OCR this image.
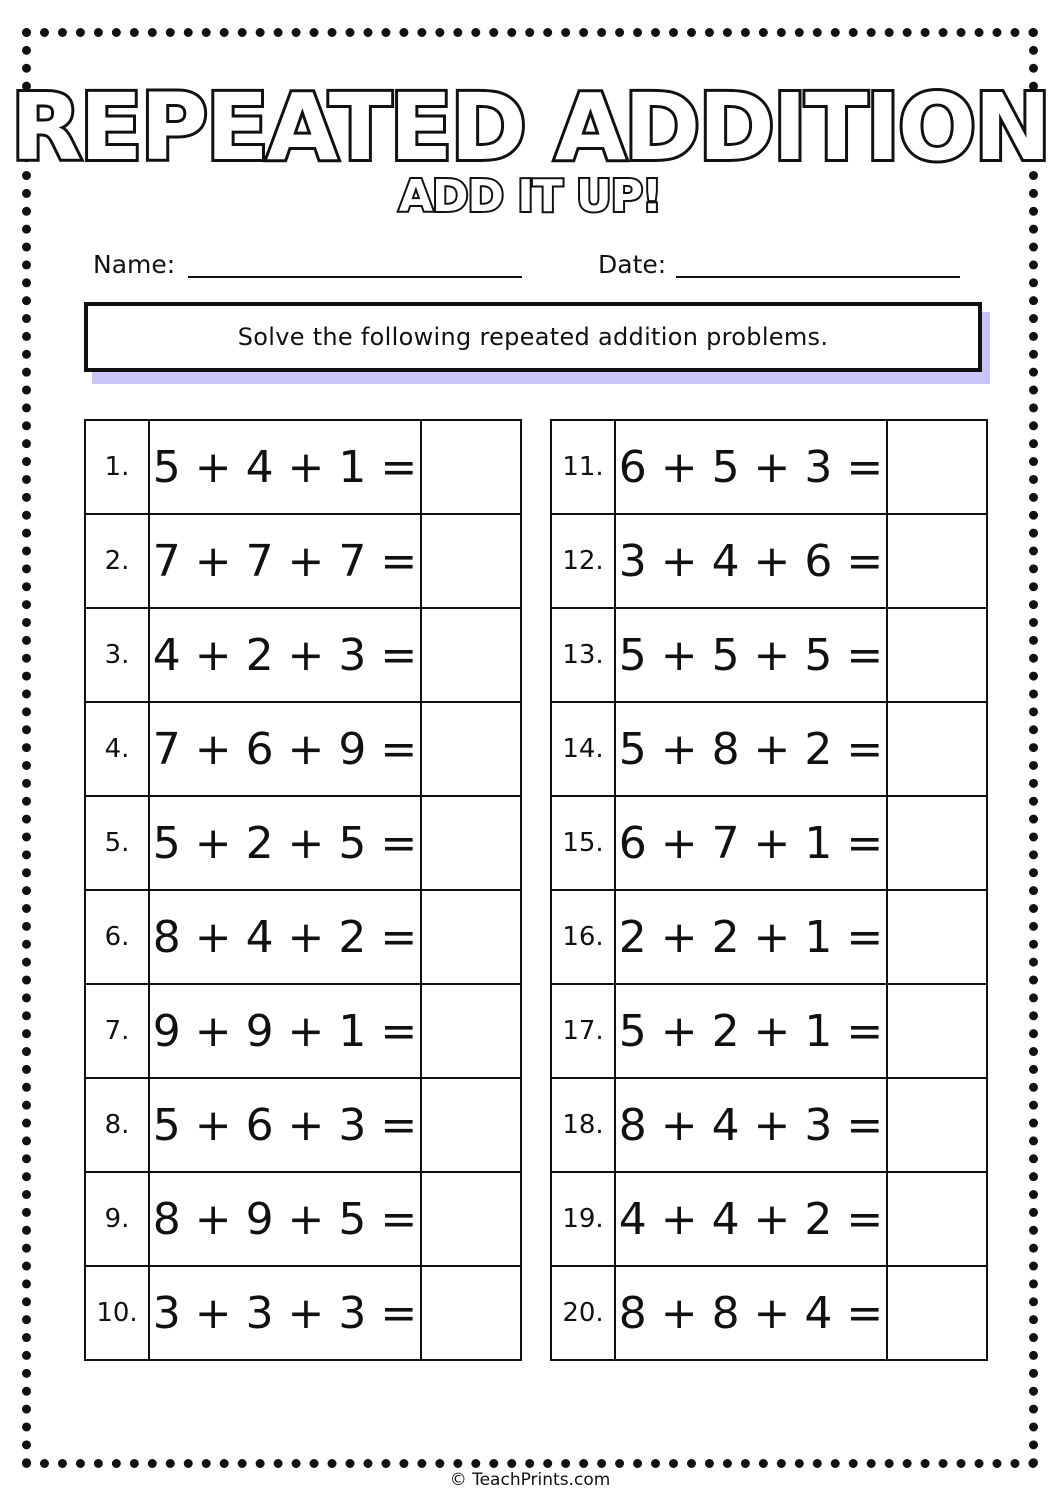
REPEATED ADDITION
ADD IT UP!
Name:	Date:
Solve the following repeated addition problems.
1.	5 + 4 + 1 =	
2.	7 + 7 + 7 =	
3.	4 + 2 + 3 =	
4.	7 + 6 + 9 =	
5.	5 + 2 + 5 =	
6.	8 + 4 + 2 =	
7.	9 + 9 + 1 =	
8.	5 + 6 + 3 =	
9.	8 + 9 + 5 =	
10.	3 + 3 + 3 =	
11.	6 + 5 + 3 =	
12.	3 + 4 + 6 =	
13.	5 + 5 + 5 =	
14.	5 + 8 + 2 =	
15.	6 + 7 + 1 =	
16.	2 + 2 + 1 =	
17.	5 + 2 + 1 =	
18.	8 + 4 + 3 =	
19.	4 + 4 + 2 =	
20.	8 + 8 + 4 =	
© TeachPrints.com
